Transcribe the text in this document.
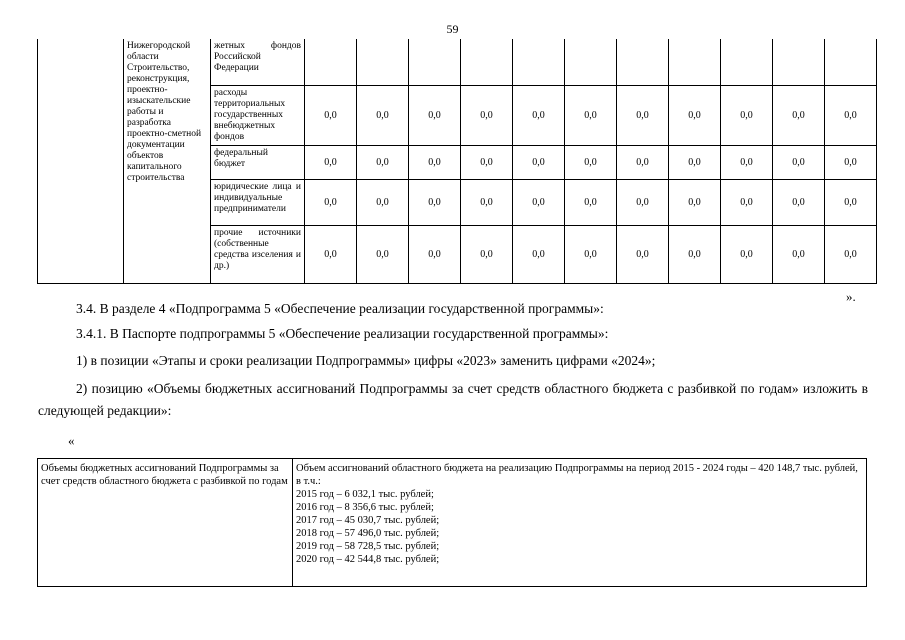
59
	Нижегородской области Строительство, реконструкция, проектно-изыскательские работы и разработка проектно-сметной документации объектов капитального строительства	жетных фондов Российской Федерации											
		расходы территориальных государственных внебюджетных фондов	0,0	0,0	0,0	0,0	0,0	0,0	0,0	0,0	0,0	0,0	0,0
		федеральный бюджет	0,0	0,0	0,0	0,0	0,0	0,0	0,0	0,0	0,0	0,0	0,0
		юридические лица и индивидуальные предприниматели	0,0	0,0	0,0	0,0	0,0	0,0	0,0	0,0	0,0	0,0	0,0
		прочие источники (собственные средства изселения и др.)	0,0	0,0	0,0	0,0	0,0	0,0	0,0	0,0	0,0	0,0	0,0
».

3.4. В разделе 4 «Подпрограмма 5 «Обеспечение реализации государственной программы»:

3.4.1. В Паспорте подпрограммы 5 «Обеспечение реализации государственной программы»:

1) в позиции «Этапы и сроки реализации Подпрограммы» цифры «2023» заменить цифрами «2024»;

2) позицию «Объемы бюджетных ассигнований Подпрограммы за счет средств областного бюджета с разбивкой по годам» изложить в следующей редакции»:

«
Объемы бюджетных ассигнований Подпрограммы за счет средств областного бюджета с разбивкой по годам	
Объем ассигнований областного бюджета на реализацию Подпрограммы на период 2015 - 2024 годы – 420 148,7 тыс. рублей, в т.ч.:
2015 год – 6 032,1 тыс. рублей;
2016 год – 8 356,6 тыс. рублей;
2017 год – 45 030,7 тыс. рублей;
2018 год – 57 496,0 тыс. рублей;
2019 год – 58 728,5 тыс. рублей;
2020 год – 42 544,8 тыс. рублей;
